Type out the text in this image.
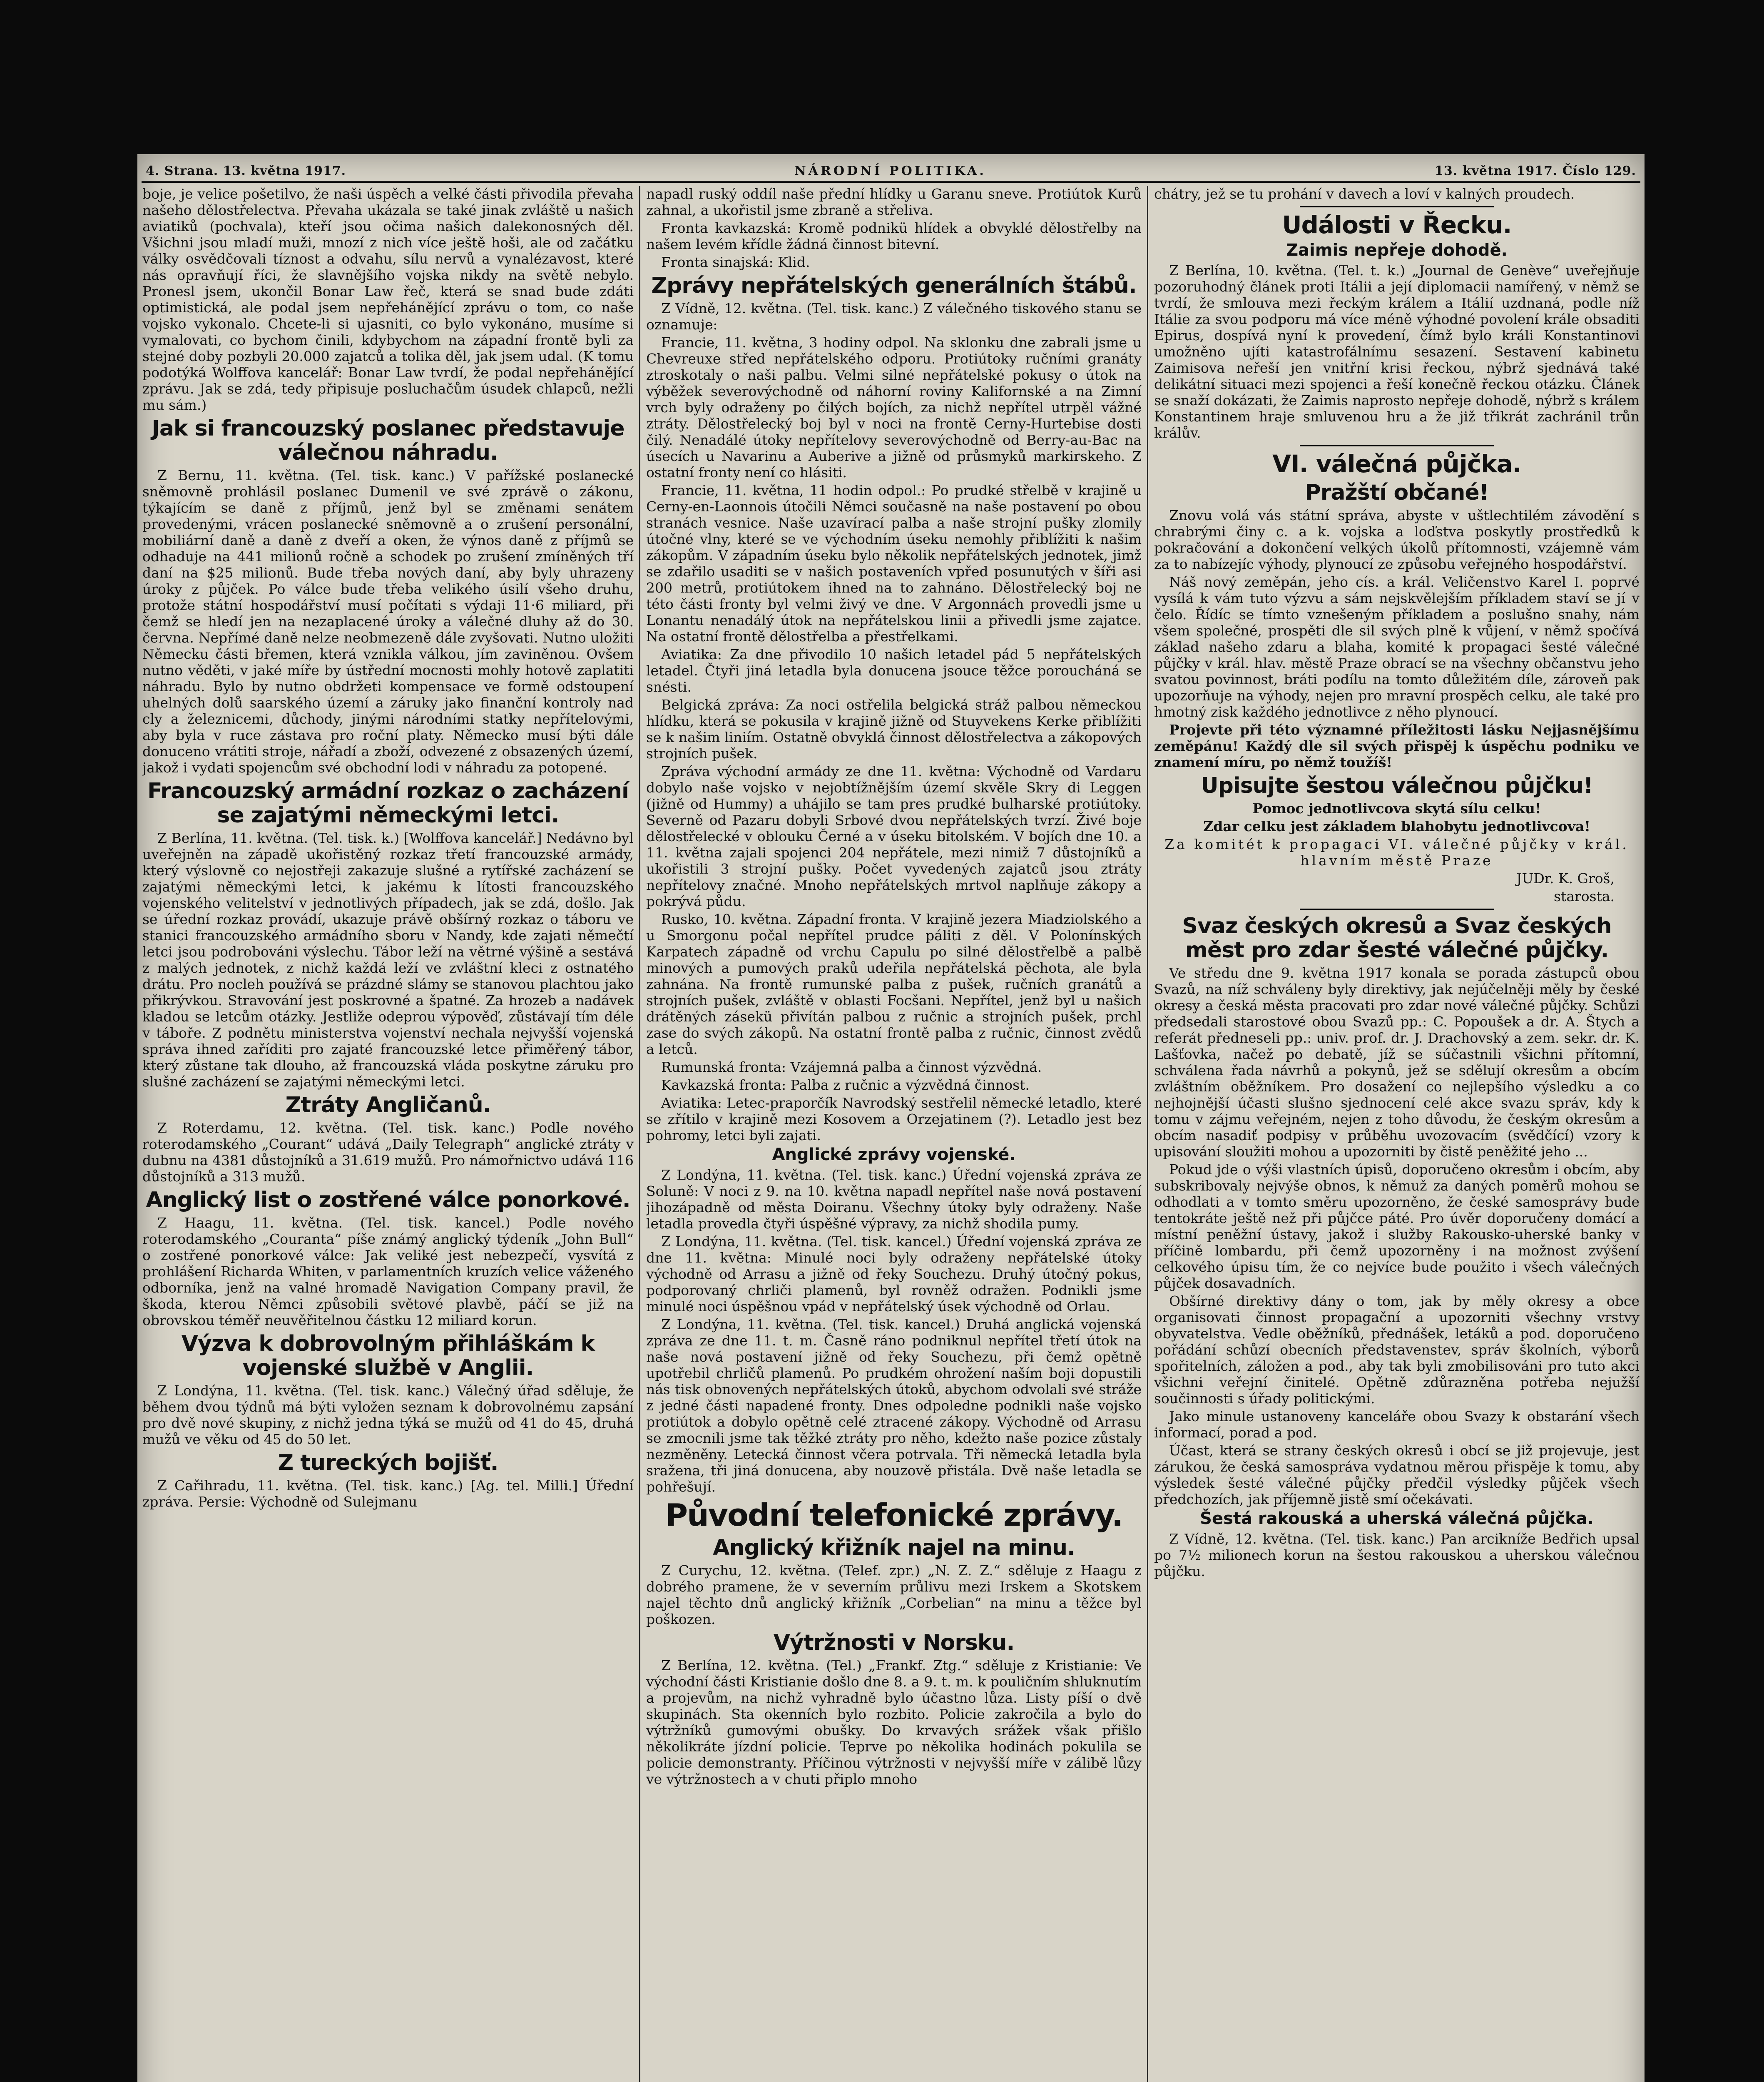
4. Strana. 13. května 1917.	NÁRODNÍ POLITIKA.	13. května 1917. Číslo 129.

boje, je velice pošetilvo, že naši úspěch a velké části přivodila převaha našeho dělostřelectva. Převaha ukázala se také jinak zvláště u našich aviatiků (pochvala), kteří jsou očima našich dalekonosných děl. Všichni jsou mladí muži, mnozí z nich více ještě hoši, ale od začátku války osvědčovali tíznost a odvahu, sílu nervů a vynalézavost, které nás opravňují říci, že slavnějšího vojska nikdy na světě nebylo. Pronesl jsem, ukončil Bonar Law řeč, která se snad bude zdáti optimistická, ale podal jsem nepřehánějící zprávu o tom, co naše vojsko vykonalo. Chcete-li si ujasniti, co bylo vykonáno, musíme si vymalovati, co bychom činili, kdybychom na západní frontě byli za stejné doby pozbyli 20.000 zajatců a tolika děl, jak jsem udal. (K tomu podotýká Wolffova kancelář: Bonar Law tvrdí, že podal nepřehánějící zprávu. Jak se zdá, tedy připisuje posluchačům úsudek chlapců, nežli mu sám.)

Jak si francouzský poslanec představuje válečnou náhradu.

Z Bernu, 11. května. (Tel. tisk. kanc.) V pařížské poslanecké sněmovně prohlásil poslanec Dumenil ve své zprávě o zákonu, týkajícím se daně z příjmů, jenž byl se změnami senátem provedenými, vrácen poslanecké sněmovně a o zrušení personální, mobiliární daně a daně z dveří a oken, že výnos daně z příjmů se odhaduje na 441 milionů ročně a schodek po zrušení zmíněných tří daní na $25 milionů. Bude třeba nových daní, aby byly uhrazeny úroky z půjček. Po válce bude třeba velikého úsilí všeho druhu, protože státní hospodářství musí počítati s výdaji 11·6 miliard, při čemž se hledí jen na nezaplacené úroky a válečné dluhy až do 30. června. Nepřímé daně nelze neobmezeně dále zvyšovati. Nutno uložiti Německu části břemen, která vznikla válkou, jím zaviněnou. Ovšem nutno věděti, v jaké míře by ústřední mocnosti mohly hotově zaplatiti náhradu. Bylo by nutno obdržeti kompensace ve formě odstoupení uhelných dolů saarského území a záruky jako finanční kontroly nad cly a železnicemi, důchody, jinými národními statky nepřítelovými, aby byla v ruce zástava pro roční platy. Německo musí býti dále donuceno vrátiti stroje, nářadí a zboží, odvezené z obsazených území, jakož i vydati spojencům své obchodní lodi v náhradu za potopené.

Francouzský armádní rozkaz o zacházení se zajatými německými letci.

Z Berlína, 11. května. (Tel. tisk. k.) [Wolffova kancelář.] Nedávno byl uveřejněn na západě ukořistěný rozkaz třetí francouzské armády, který výslovně co nejostřeji zakazuje slušné a rytířské zacházení se zajatými německými letci, k jakému k lítosti francouzského vojenského velitelství v jednotlivých případech, jak se zdá, došlo. Jak se úřední rozkaz provádí, ukazuje právě obšírný rozkaz o táboru ve stanici francouzského armádního sboru v Nandy, kde zajati němečtí letci jsou podrobováni výslechu. Tábor leží na větrné výšině a sestává z malých jednotek, z nichž každá leží ve zvláštní kleci z ostnatého drátu. Pro nocleh používá se prázdné slámy se stanovou plachtou jako přikrývkou. Stravování jest poskrovné a špatné. Za hrozeb a nadávek kladou se letcům otázky. Jestliže odeprou výpověď, zůstávají tím déle v táboře. Z podnětu ministerstva vojenství nechala nejvyšší vojenská správa ihned zaříditi pro zajaté francouzské letce přiměřený tábor, který zůstane tak dlouho, až francouzská vláda poskytne záruku pro slušné zacházení se zajatými německými letci.

Ztráty Angličanů.

Z Roterdamu, 12. května. (Tel. tisk. kanc.) Podle nového roterodamského „Courant“ udává „Daily Telegraph“ anglické ztráty v dubnu na 4381 důstojníků a 31.619 mužů. Pro námořnictvo udává 116 důstojníků a 313 mužů.

Anglický list o zostřené válce ponorkové.

Z Haagu, 11. května. (Tel. tisk. kancel.) Podle nového roterodamského „Couranta“ píše známý anglický týdeník „John Bull“ o zostřené ponorkové válce: Jak veliké jest nebezpečí, vysvítá z prohlášení Richarda Whiten, v parlamentních kruzích velice váženého odborníka, jenž na valné hromadě Navigation Company pravil, že škoda, kterou Němci způsobili světové plavbě, páčí se již na obrovskou téměř neuvěřitelnou částku 12 miliard korun.

Výzva k dobrovolným přihláškám k vojenské službě v Anglii.

Z Londýna, 11. května. (Tel. tisk. kanc.) Válečný úřad sděluje, že během dvou týdnů má býti vyložen seznam k dobrovolnému zapsání pro dvě nové skupiny, z nichž jedna týká se mužů od 41 do 45, druhá mužů ve věku od 45 do 50 let.

Z tureckých bojišť.

Z Cařihradu, 11. května. (Tel. tisk. kanc.) [Ag. tel. Milli.] Úřední zpráva. Persie: Východně od Sulejmanu

napadl ruský oddíl naše přední hlídky u Garanu sneve. Protiútok Kurů zahnal, a ukořistil jsme zbraně a střeliva.

Fronta kavkazská: Kromě podnikü hlídek a obvyklé dělostřelby na našem levém křídle žádná činnost bitevní.

Fronta sinajská: Klid.

Zprávy nepřátelských generálních štábů.

Z Vídně, 12. května. (Tel. tisk. kanc.) Z válečného tiskového stanu se oznamuje:

Francie, 11. května, 3 hodiny odpol. Na sklonku dne zabrali jsme u Chevreuxe střed nepřátelského odporu. Protiútoky ručními granáty ztroskotaly o naši palbu. Velmi silné nepřátelské pokusy o útok na výběžek severovýchodně od náhorní roviny Kalifornské a na Zimní vrch byly odraženy po čilých bojích, za nichž nepřítel utrpěl vážné ztráty. Dělostřelecký boj byl v noci na frontě Cerny-Hurtebise dosti čilý. Nenadálé útoky nepřítelovy severovýchodně od Berry-au-Bac na úsecích u Navarinu a Auberive a jižně od průsmyků markirskeho. Z ostatní fronty není co hlásiti.

Francie, 11. května, 11 hodin odpol.: Po prudké střelbě v krajině u Cerny-en-Laonnois útočili Němci současně na naše postavení po obou stranách vesnice. Naše uzavírací palba a naše strojní pušky zlomily útočné vlny, které se ve východním úseku nemohly přiblížiti k našim zákopům. V západním úseku bylo několik nepřátelských jednotek, jimž se zdařilo usaditi se v našich postaveních vpřed posunutých v šíři asi 200 metrů, protiútokem ihned na to zahnáno. Dělostřelecký boj ne této části fronty byl velmi živý ve dne. V Argonnách provedli jsme u Lonantu nenadálý útok na nepřátelskou linii a přivedli jsme zajatce. Na ostatní frontě dělostřelba a přestřelkami.

Aviatika: Za dne přivodilo 10 našich letadel pád 5 nepřátelských letadel. Čtyři jiná letadla byla donucena jsouce těžce poroucháná se snésti.

Belgická zpráva: Za noci ostřelila belgická stráž palbou německou hlídku, která se pokusila v krajině jižně od Stuyvekens Kerke přiblížiti se k našim liniím. Ostatně obvyklá činnost dělostřelectva a zákopových strojních pušek.

Zpráva východní armády ze dne 11. května: Východně od Vardaru dobylo naše vojsko v nejobtížnějším území skvěle Skry di Leggen (jižně od Hummy) a uhájilo se tam pres prudké bulharské protiútoky. Severně od Pazaru dobyli Srbové dvou nepřátelských tvrzí. Živé boje dělostřelecké v oblouku Černé a v úseku bitolském. V bojích dne 10. a 11. května zajali spojenci 204 nepřátele, mezi nimiž 7 důstojníků a ukořistili 3 strojní pušky. Počet vyvedených zajatců jsou ztráty nepřítelovy značné. Mnoho nepřátelských mrtvol naplňuje zákopy a pokrývá půdu.

Rusko, 10. května. Západní fronta. V krajině jezera Miadziolského a u Smorgonu počal nepřítel prudce páliti z děl. V Polonínských Karpatech západně od vrchu Capulu po silné dělostřelbě a palbě minových a pumových praků udeřila nepřátelská pěchota, ale byla zahnána. Na frontě rumunské palba z pušek, ručních granátů a strojních pušek, zvláště v oblasti Focšani. Nepřítel, jenž byl u našich drátěných zásekü přivítán palbou z ručnic a strojních pušek, prchl zase do svých zákopů. Na ostatní frontě palba z ručnic, činnost zvědů a letců.

Rumunská fronta: Vzájemná palba a činnost výzvědná.

Kavkazská fronta: Palba z ručnic a výzvědná činnost.

Aviatika: Letec-praporčík Navrodský sestřelil německé letadlo, které se zřítilo v krajině mezi Kosovem a Orzejatinem (?). Letadlo jest bez pohromy, letci byli zajati.

Anglické zprávy vojenské.

Z Londýna, 11. května. (Tel. tisk. kanc.) Úřední vojenská zpráva ze Soluně: V noci z 9. na 10. května napadl nepřítel naše nová postavení jihozápadně od města Doiranu. Všechny útoky byly odraženy. Naše letadla provedla čtyři úspěšné výpravy, za nichž shodila pumy.

Z Londýna, 11. května. (Tel. tisk. kancel.) Úřední vojenská zpráva ze dne 11. května: Minulé noci byly odraženy nepřátelské útoky východně od Arrasu a jižně od řeky Souchezu. Druhý útočný pokus, podporovaný chrliči plamenů, byl rovněž odražen. Podnikli jsme minulé noci úspěšnou vpád v nepřátelský úsek východně od Orlau.

Z Londýna, 11. května. (Tel. tisk. kancel.) Druhá anglická vojenská zpráva ze dne 11. t. m. Časně ráno podniknul nepřítel třetí útok na naše nová postavení jižně od řeky Souchezu, při čemž opětně upotřebil chrličů plamenů. Po prudkém ohrožení naším boji dopustili nás tisk obnovených nepřátelských útoků, abychom odvolali své stráže z jedné části napadené fronty. Dnes odpoledne podnikli naše vojsko protiútok a dobylo opětně celé ztracené zákopy. Východně od Arrasu se zmocnili jsme tak těžké ztráty pro něho, kdežto naše pozice zůstaly nezměněny. Letecká činnost včera potrvala. Tři německá letadla byla sražena, tři jiná donucena, aby nouzově přistála. Dvě naše letadla se pohřešují.

Původní telefonické zprávy.
Anglický křižník najel na minu.

Z Curychu, 12. května. (Telef. zpr.) „N. Z. Z.“ sděluje z Haagu z dobrého pramene, že v severním průlivu mezi Irskem a Skotskem najel těchto dnů anglický křižník „Corbelian“ na minu a těžce byl poškozen.

Výtržnosti v Norsku.

Z Berlína, 12. května. (Tel.) „Frankf. Ztg.“ sděluje z Kristianie: Ve východní části Kristianie došlo dne 8. a 9. t. m. k pouličním shluknutím a projevům, na nichž vyhradně bylo účastno lůza. Listy píší o dvě skupinách. Sta okenních bylo rozbito. Policie zakročila a bylo do výtržníků gumovými obušky. Do krvavých srážek však přišlo několikráte jízdní policie. Teprve po několika hodinách pokulila se policie demonstranty. Příčinou výtržnosti v nejvyšší míře v zálibě lůzy ve výtržnostech a v chuti připlo mnoho

chátry, jež se tu prohání v davech a loví v kalných proudech.

Události v Řecku.
Zaimis nepřeje dohodě.

Z Berlína, 10. května. (Tel. t. k.) „Journal de Genève“ uveřejňuje pozoruhodný článek proti Itálii a její diplomacii namířený, v němž se tvrdí, že smlouva mezi řeckým králem a Itálií uzdnaná, podle níž Itálie za svou podporu má více méně výhodné povolení krále obsaditi Epirus, dospívá nyní k provedení, čímž bylo králi Konstantinovi umožněno ujíti katastrofálnímu sesazení. Sestavení kabinetu Zaimisova neřeší jen vnitřní krisi řeckou, nýbrž sjednává také delikátní situaci mezi spojenci a řeší konečně řeckou otázku. Článek se snaží dokázati, že Zaimis naprosto nepřeje dohodě, nýbrž s králem Konstantinem hraje smluvenou hru a že již třikrát zachránil trůn králův.

VI. válečná půjčka.
Pražští občané!

Znovu volá vás státní správa, abyste v uštlechtilém závodění s chrabrými činy c. a k. vojska a loďstva poskytly prostředků k pokračování a dokončení velkých úkolů přítomnosti, vzájemně vám za to nabízejíc výhody, plynoucí ze způsobu veřejného hospodářství.

Náš nový zeměpán, jeho cís. a král. Veličenstvo Karel I. poprvé vysílá k vám tuto výzvu a sám nejskvělejším příkladem staví se jí v čelo. Řídíc se tímto vznešeným příkladem a poslušno snahy, nám všem společné, prospěti dle sil svých plně k vůjení, v němž spočívá základ našeho zdaru a blaha, komité k propagaci šesté válečné půjčky v král. hlav. městě Praze obrací se na všechny občanstvu jeho svatou povinnost, bráti podílu na tomto důležitém díle, zároveň pak upozorňuje na výhody, nejen pro mravní prospěch celku, ale také pro hmotný zisk každého jednotlivce z něho plynoucí.

Projevte při této významné příležitosti lásku Nejjasnějšímu zeměpánu! Každý dle sil svých přispěj k úspěchu podniku ve znamení míru, po němž toužíš!

Upisujte šestou válečnou půjčku!

Pomoc jednotlivcova skytá sílu celku!

Zdar celku jest základem blahobytu jednotlivcova!

Za komitét k propagaci VI. válečné půjčky v král. hlavním městě Praze

JUDr. K. Groš,

starosta.

Svaz českých okresů a Svaz českých měst pro zdar šesté válečné půjčky.

Ve středu dne 9. května 1917 konala se porada zástupců obou Svazů, na níž schváleny byly direktivy, jak nejúčelněji měly by české okresy a česká města pracovati pro zdar nové válečné půjčky. Schůzi předsedali starostové obou Svazů pp.: C. Popoušek a dr. A. Štych a referát předneseli pp.: univ. prof. dr. J. Drachovský a zem. sekr. dr. K. Lašťovka, načež po debatě, jíž se súčastnili všichni přítomní, schválena řada návrhů a pokynů, jež se sdělují okresům a obcím zvláštním oběžníkem. Pro dosažení co nejlepšího výsledku a co nejhojnější účasti slušno sjednocení celé akce svazu správ, kdy k tomu v zájmu veřejném, nejen z toho důvodu, že českým okresům a obcím nasadiť podpisy v průběhu uvozovacím (svědčící) vzory k upisování sloužiti mohou a upozorniti by čistě peněžité jeho ...

Pokud jde o výši vlastních úpisů, doporučeno okresům i obcím, aby subskribovaly nejvýše obnos, k němuž za daných poměrů mohou se odhodlati a v tomto směru upozorněno, že české samosprávy bude tentokráte ještě než při půjčce páté. Pro úvěr doporučeny domácí a místní peněžní ústavy, jakož i služby Rakousko-uherské banky v příčině lombardu, při čemž upozorněny i na možnost zvýšení celkového úpisu tím, že co nejvíce bude použito i všech válečných půjček dosavadních.

Obšírné direktivy dány o tom, jak by měly okresy a obce organisovati činnost propagační a upozorniti všechny vrstvy obyvatelstva. Vedle oběžníků, přednášek, letáků a pod. doporučeno pořádání schůzí obecních představenstev, správ školních, výborů spořitelních, záložen a pod., aby tak byli zmobilisováni pro tuto akci všichni veřejní činitelé. Opětně zdůrazněna potřeba nejužší součinnosti s úřady politickými.

Jako minule ustanoveny kanceláře obou Svazy k obstarání všech informací, porad a pod.

Účast, která se strany českých okresů i obcí se již projevuje, jest zárukou, že česká samospráva vydatnou měrou přispěje k tomu, aby výsledek šesté válečné půjčky předčil výsledky půjček všech předchozích, jak příjemně jistě smí očekávati.

Šestá rakouská a uherská válečná půjčka.

Z Vídně, 12. května. (Tel. tisk. kanc.) Pan arcikníže Bedřich upsal po 7½ milionech korun na šestou rakouskou a uherskou válečnou půjčku.
